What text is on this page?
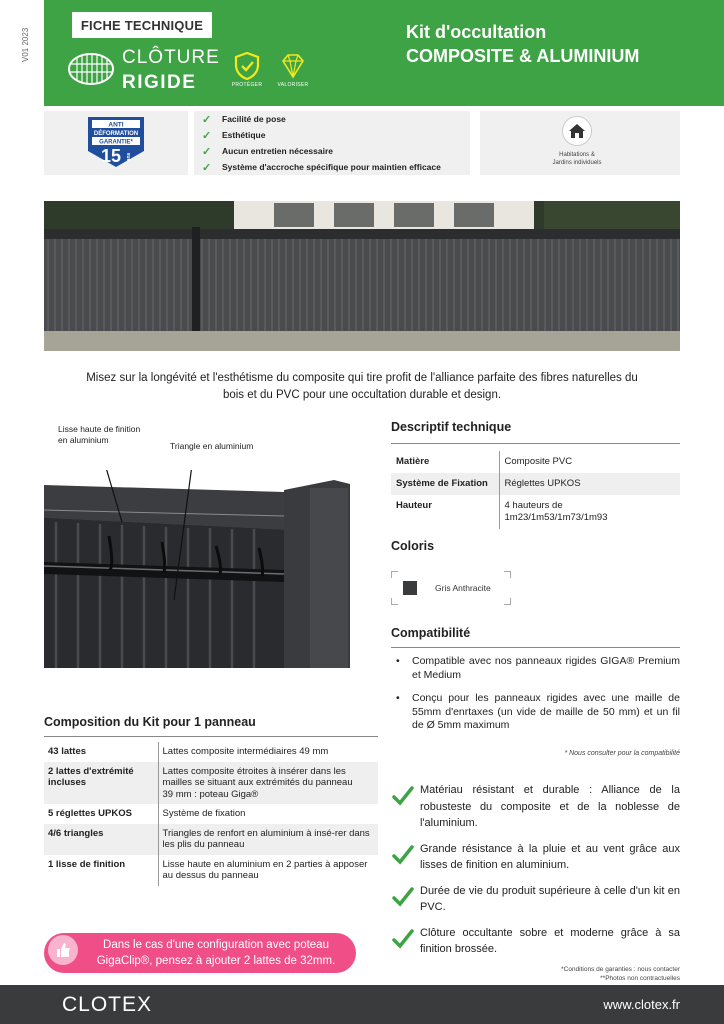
V01 2023
FICHE TECHNIQUE
CLÔTURE
RIGIDE	PROTÉGER	VALORISER
Kit d'occultation
COMPOSITE & ALUMINIUM
ANTI
DÉFORMATION
GARANTIE*
15 ans
✓	Facilité de pose
✓	Esthétique
✓	Aucun entretien nécessaire
✓	Système d'accroche spécifique pour maintien efficace
Habitations &
Jardins individuels
Misez sur la longévité et l'esthétisme du composite qui tire profit de l'alliance parfaite des fibres naturelles du
bois et du PVC pour une occultation durable et design.
Lisse haute de finition
en aluminium
Triangle en aluminium
Composition du Kit pour 1 panneau
43 lattes	Lattes composite intermédiaires 49 mm
2 lattes d'extrémité incluses	Lattes composite étroites à insérer dans les mailles se situant aux extrémités du panneau
39 mm : poteau Giga®

5 réglettes UPKOS	Système de fixation
4/6 triangles	Triangles de renfort en aluminium à insé-rer dans les plis du panneau
1 lisse de finition	Lisse haute en aluminium en 2 parties à apposer au dessus du panneau
Dans le cas d'une configuration avec poteau
GigaClip®, pensez à ajouter 2 lattes de 32mm.
Descriptif technique
Matière	Composite PVC
Système de Fixation	Réglettes UPKOS
Hauteur	4 hauteurs de
1m23/1m53/1m73/1m93
Coloris
Gris Anthracite
Compatibilité
• Compatible avec nos panneaux rigides GIGA® Premium et Medium
• Conçu pour les panneaux rigides avec une maille de 55mm d'enrtaxes (un vide de maille de 50 mm) et un fil de Ø 5mm maximum
* Nous consulter pour la compatibilité
Matériau résistant et durable : Alliance de la robusteste du composite et de la noblesse de l'aluminium.
Grande résistance à la pluie et au vent grâce aux lisses de finition en aluminium.
Durée de vie du produit supérieure à celle d'un kit en PVC.
Clôture occultante sobre et moderne grâce à sa finition brossée.
*Conditions de garanties : nous contacter
**Photos non contractuelles
CLOTEX	www.clotex.fr
